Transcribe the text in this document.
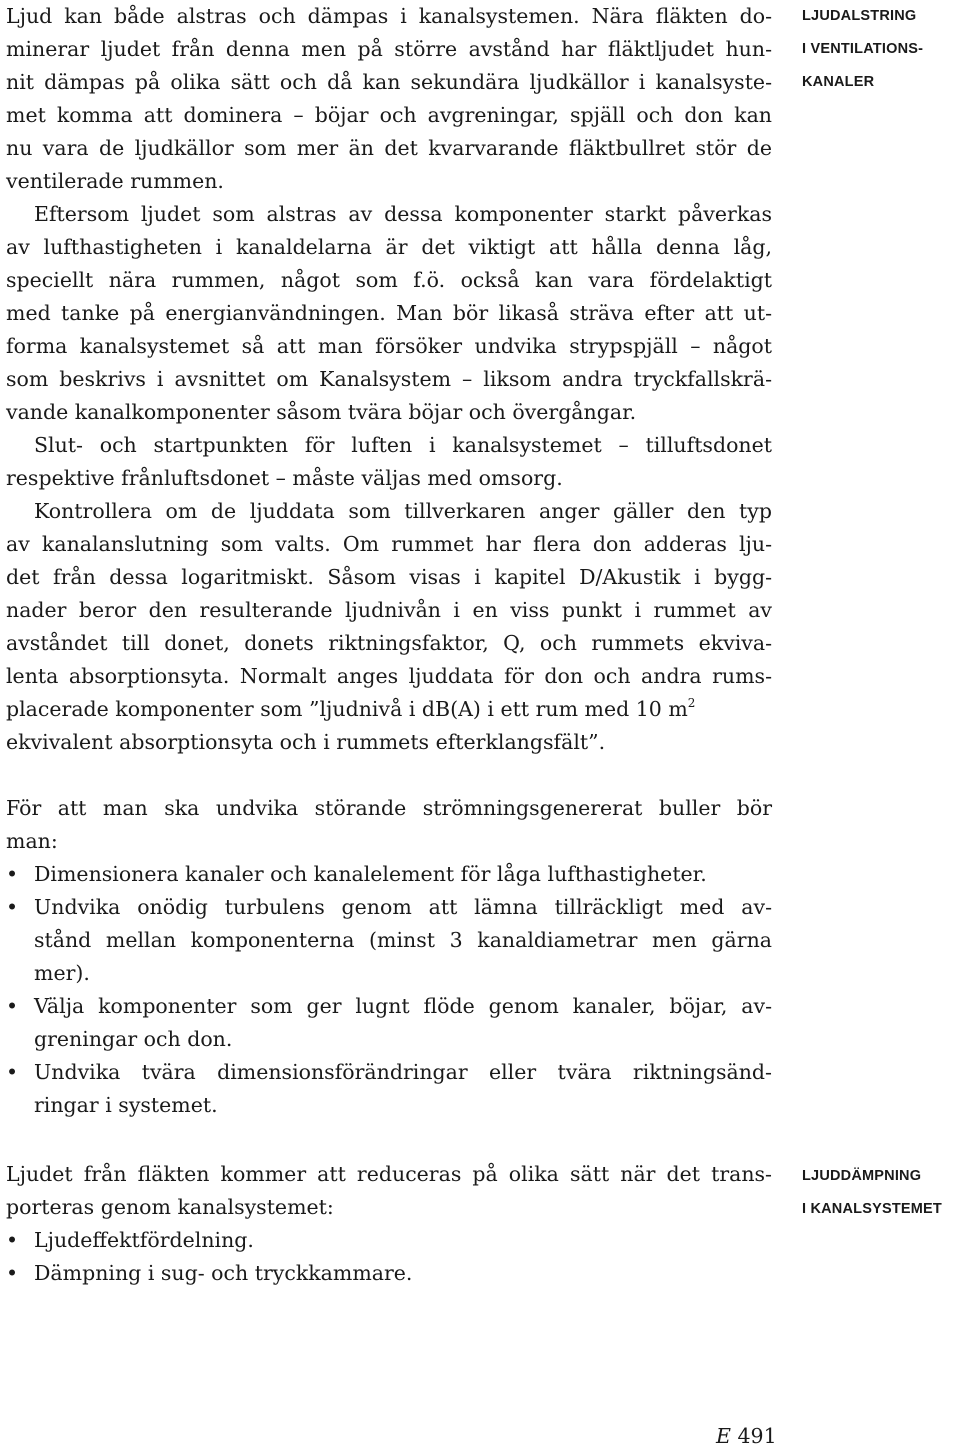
LJUDALSTRING

I VENTILATIONS-

KANALER

Ljud kan både alstras och dämpas i kanalsystemen. Nära fläkten do-

minerar ljudet från denna men på större avstånd har fläktljudet hun-

nit dämpas på olika sätt och då kan sekundära ljudkällor i kanalsyste-

met komma att dominera – böjar och avgreningar, spjäll och don kan

nu vara de ljudkällor som mer än det kvarvarande fläktbullret stör de

ventilerade rummen.

Eftersom ljudet som alstras av dessa komponenter starkt påverkas

av lufthastigheten i kanaldelarna är det viktigt att hålla denna låg,

speciellt nära rummen, något som f.ö. också kan vara fördelaktigt

med tanke på energianvändningen. Man bör likaså sträva efter att ut-

forma kanalsystemet så att man försöker undvika strypspjäll – något

som beskrivs i avsnittet om Kanalsystem – liksom andra tryckfallskrä-

vande kanalkomponenter såsom tvära böjar och övergångar.

Slut- och startpunkten för luften i kanalsystemet – tilluftsdonet

respektive frånluftsdonet – måste väljas med omsorg.

Kontrollera om de ljuddata som tillverkaren anger gäller den typ

av kanalanslutning som valts. Om rummet har flera don adderas lju-

det från dessa logaritmiskt. Såsom visas i kapitel D/Akustik i bygg-

nader beror den resulterande ljudnivån i en viss punkt i rummet av

avståndet till donet, donets riktningsfaktor, Q, och rummets ekviva-

lenta absorptionsyta. Normalt anges ljuddata för don och andra rums-

placerade komponenter som ”ljudnivå i dB(A) i ett rum med 10 $m^2$

ekvivalent absorptionsyta och i rummets efterklangsfält”.

För att man ska undvika störande strömningsgenererat buller bör

man:

• Dimensionera kanaler och kanalelement för låga lufthastigheter.

• Undvika onödig turbulens genom att lämna tillräckligt med av-

stånd mellan komponenterna (minst 3 kanaldiametrar men gärna

mer).

• Välja komponenter som ger lugnt flöde genom kanaler, böjar, av-

greningar och don.

• Undvika tvära dimensionsförändringar eller tvära riktningsänd-

ringar i systemet.

LJUDDÄMPNING

I KANALSYSTEMET

Ljudet från fläkten kommer att reduceras på olika sätt när det trans-

porteras genom kanalsystemet:

• Ljudeffektfördelning.

• Dämpning i sug- och tryckkammare.

E 491
